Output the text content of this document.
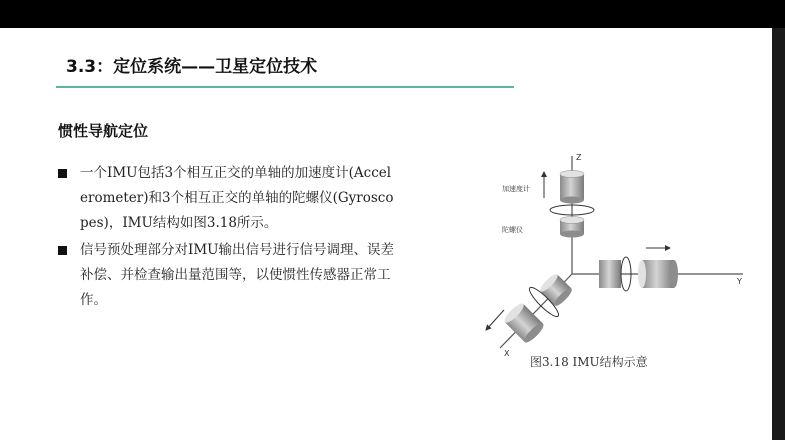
3.3：定位系统——卫星定位技术
惯性导航定位
一个IMU包括3个相互正交的单轴的加速度计(Accelerometer)和3个相互正交的单轴的陀螺仪(Gyroscopes)，IMU结构如图3.18所示。
信号预处理部分对IMU输出信号进行信号调理、误差补偿、并检查输出量范围等，以使惯性传感器正常工作。
Z
Y
X
加速度计
陀螺仪
图3.18 IMU结构示意
